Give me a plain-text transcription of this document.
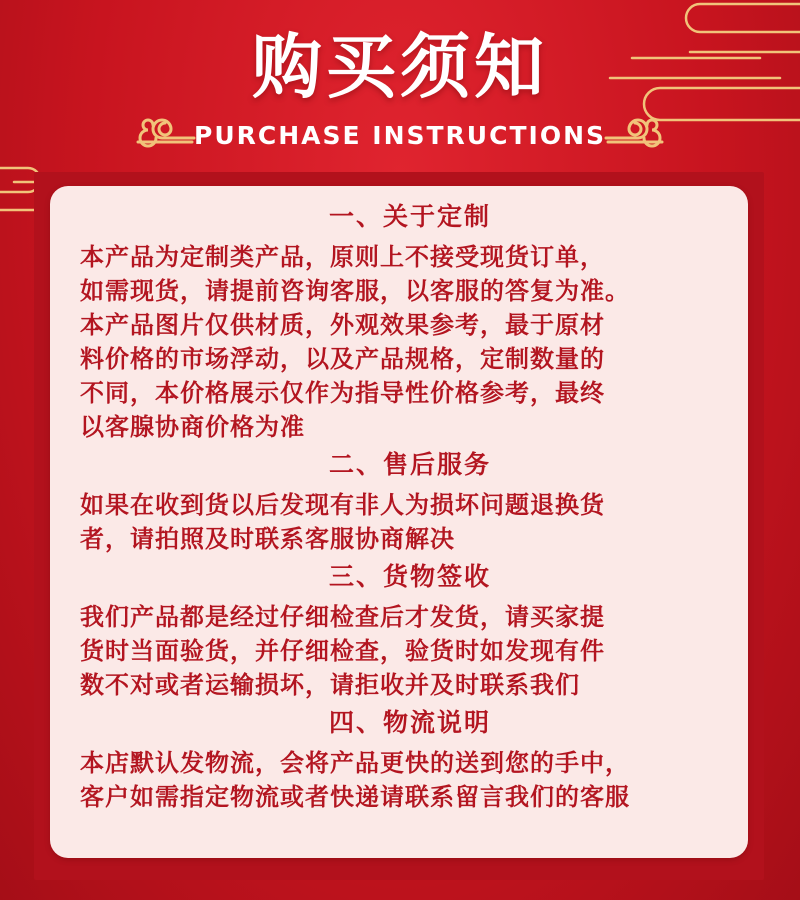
购买须知
PURCHASE INSTRUCTIONS
一、关于定制
本产品为定制类产品，原则上不接受现货订单，
如需现货，请提前咨询客服，以客服的答复为准。
本产品图片仅供材质，外观效果参考，最于原材
料价格的市场浮动，以及产品规格，定制数量的
不同，本价格展示仅作为指导性价格参考，最终
以客腺协商价格为准
二、售后服务
如果在收到货以后发现有非人为损坏问题退换货
者，请拍照及时联系客服协商解决
三、货物签收
我们产品都是经过仔细检查后才发货，请买家提
货时当面验货，并仔细检查，验货时如发现有件
数不对或者运输损坏，请拒收并及时联系我们
四、物流说明
本店默认发物流，会将产品更快的送到您的手中，
客户如需指定物流或者快递请联系留言我们的客服
